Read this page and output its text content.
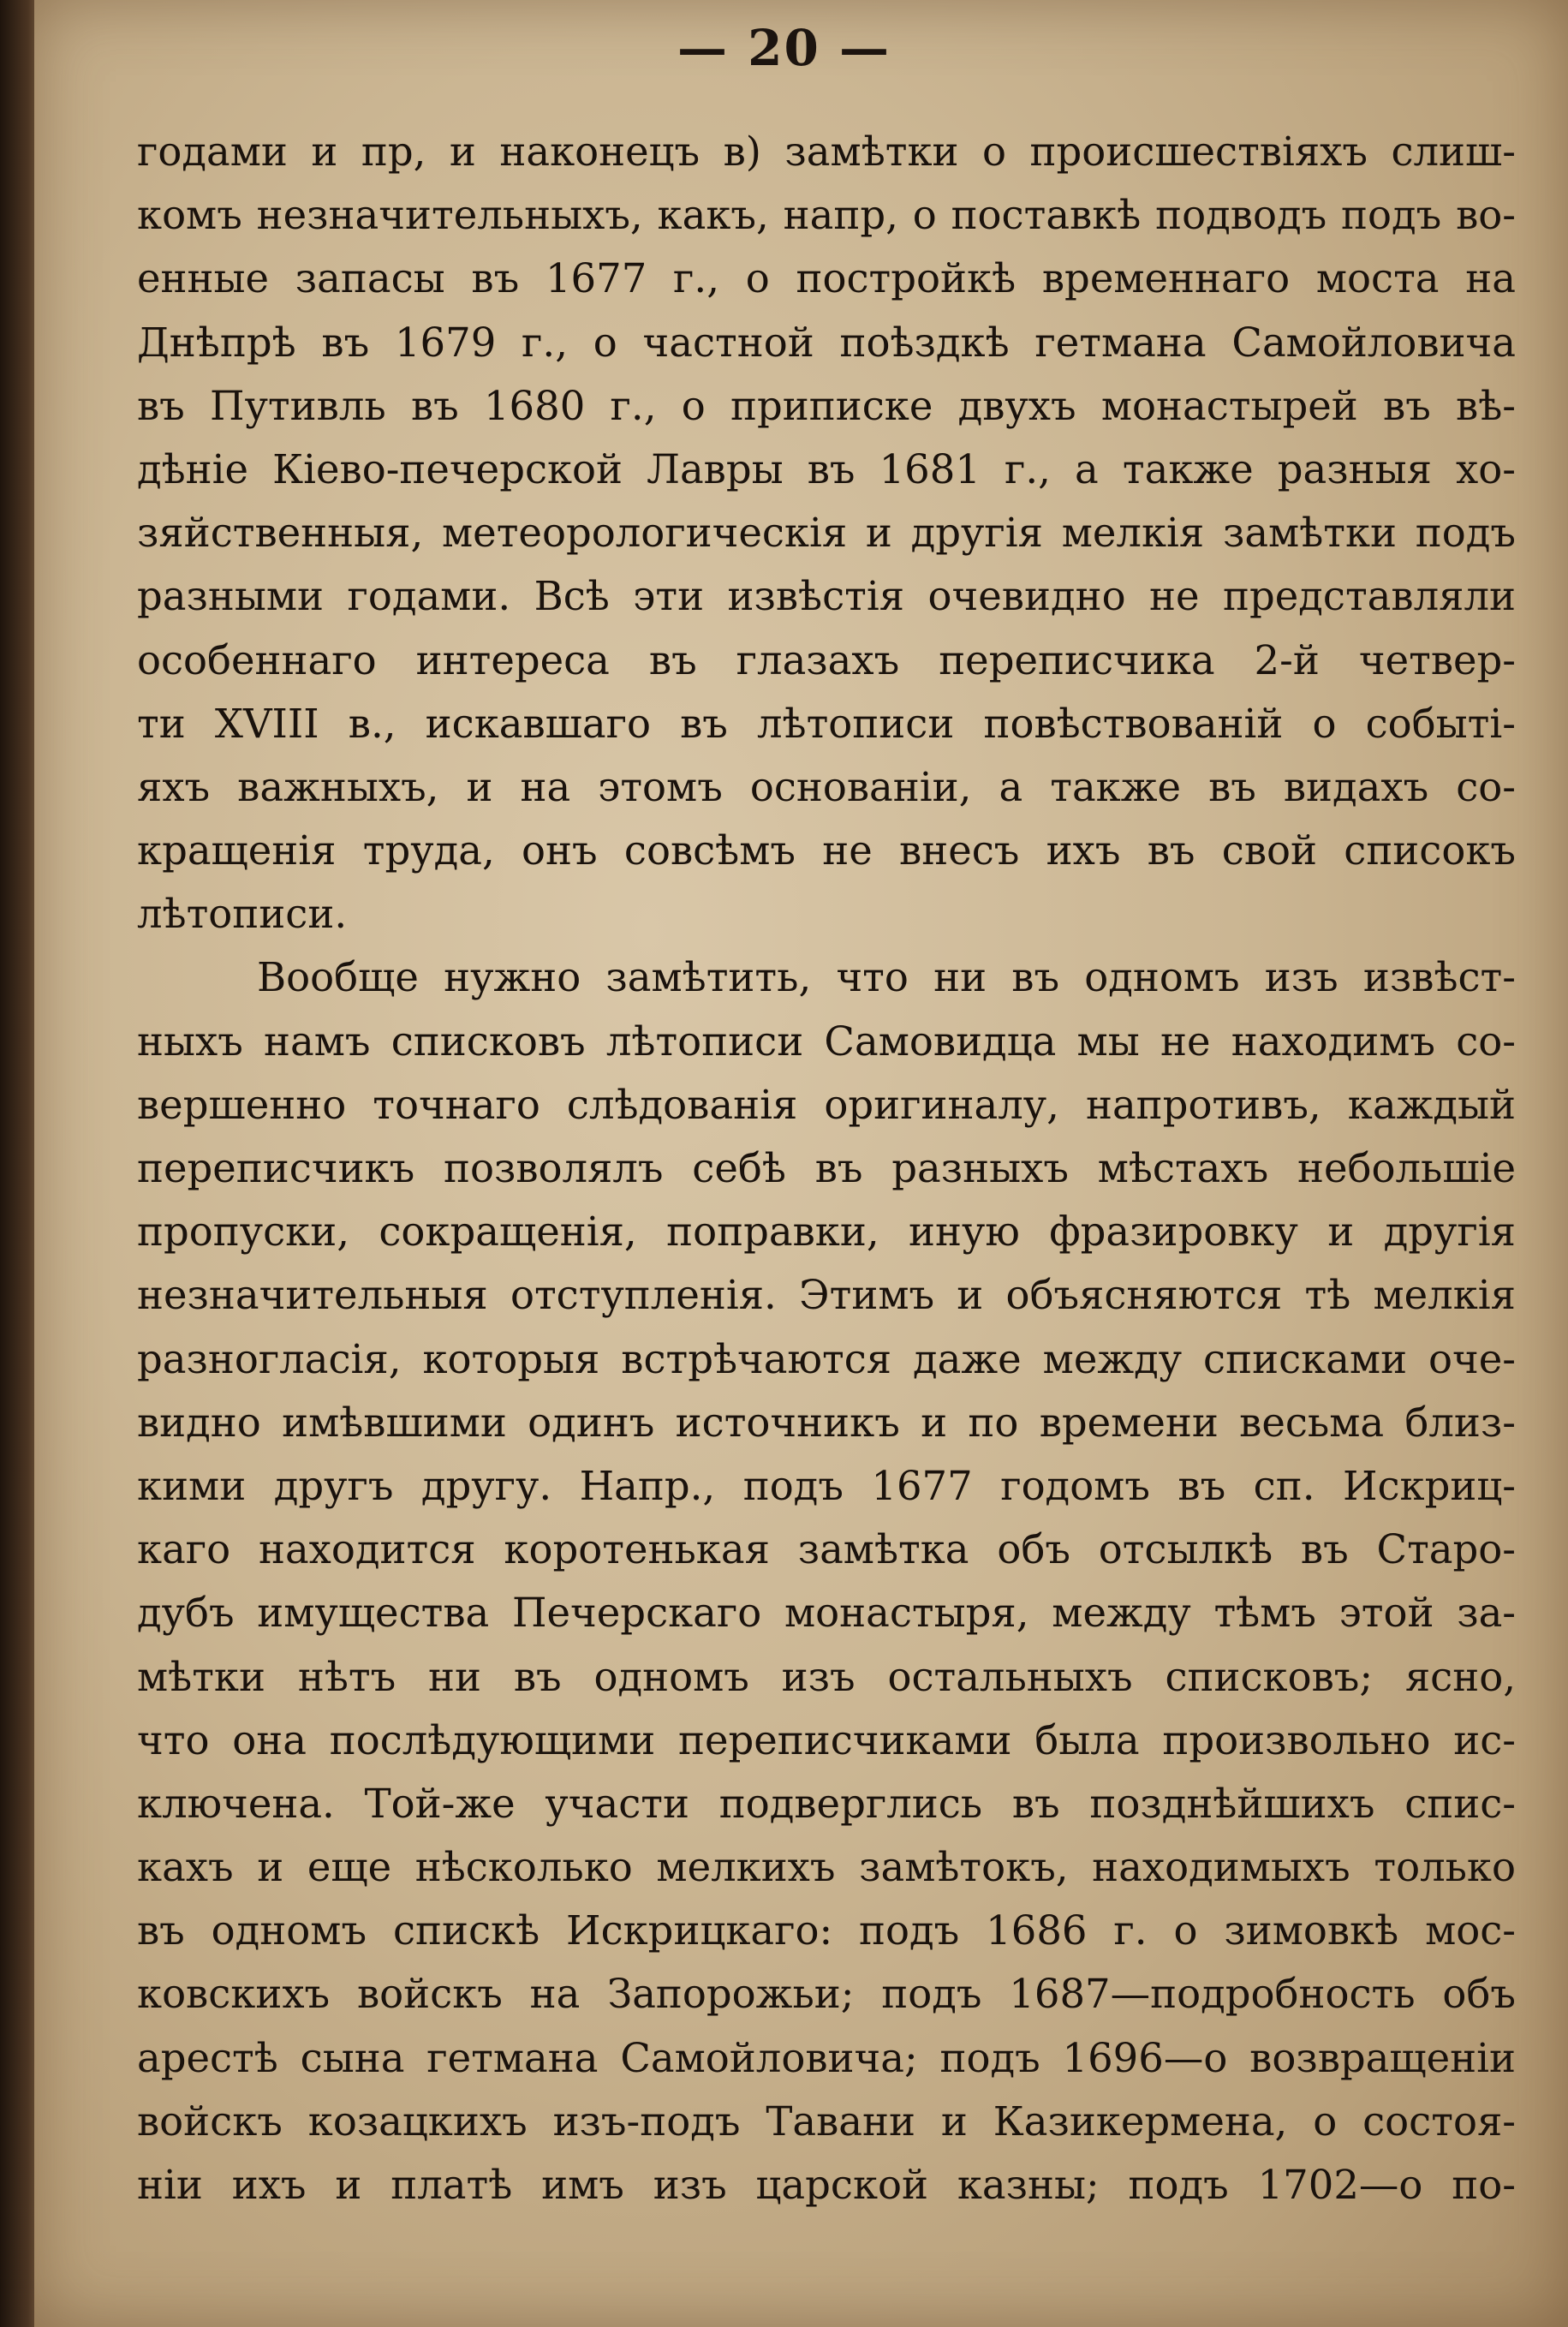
— 20 —
годами и пр, и наконецъ в) замѣтки о происшествіяхъ слиш-
комъ незначительныхъ, какъ, напр, о поставкѣ подводъ подъ во-
енные запасы въ 1677 г., о постройкѣ временнаго моста на
Днѣпрѣ въ 1679 г., о частной поѣздкѣ гетмана Самойловича
въ Путивль въ 1680 г., о приписке двухъ монастырей въ вѣ-
дѣніе Кіево-печерской Лавры въ 1681 г., а также разныя хо-
зяйственныя, метеорологическія и другія мелкія замѣтки подъ
разными годами. Всѣ эти извѣстія очевидно не представляли
особеннаго интереса въ глазахъ переписчика 2-й четвер-
ти XVIII в., искавшаго въ лѣтописи повѣствованій о событі-
яхъ важныхъ, и на этомъ основаніи, а также въ видахъ со-
кращенія труда, онъ совсѣмъ не внесъ ихъ въ свой списокъ
лѣтописи.
Вообще нужно замѣтить, что ни въ одномъ изъ извѣст-
ныхъ намъ списковъ лѣтописи Самовидца мы не находимъ со-
вершенно точнаго слѣдованія оригиналу, напротивъ, каждый
переписчикъ позволялъ себѣ въ разныхъ мѣстахъ небольшіе
пропуски, сокращенія, поправки, иную фразировку и другія
незначительныя отступленія. Этимъ и объясняются тѣ мелкія
разногласія, которыя встрѣчаются даже между списками оче-
видно имѣвшими одинъ источникъ и по времени весьма близ-
кими другъ другу. Напр., подъ 1677 годомъ въ сп. Искриц-
каго находится коротенькая замѣтка объ отсылкѣ въ Старо-
дубъ имущества Печерскаго монастыря, между тѣмъ этой за-
мѣтки нѣтъ ни въ одномъ изъ остальныхъ списковъ; ясно,
что она послѣдующими переписчиками была произвольно ис-
ключена. Той-же участи подверглись въ позднѣйшихъ спис-
кахъ и еще нѣсколько мелкихъ замѣтокъ, находимыхъ только
въ одномъ спискѣ Искрицкаго: подъ 1686 г. о зимовкѣ мос-
ковскихъ войскъ на Запорожьи; подъ 1687—подробность объ
арестѣ сына гетмана Самойловича; подъ 1696—о возвращеніи
войскъ козацкихъ изъ-подъ Тавани и Казикермена, о состоя-
ніи ихъ и платѣ имъ изъ царской казны; подъ 1702—о по-
